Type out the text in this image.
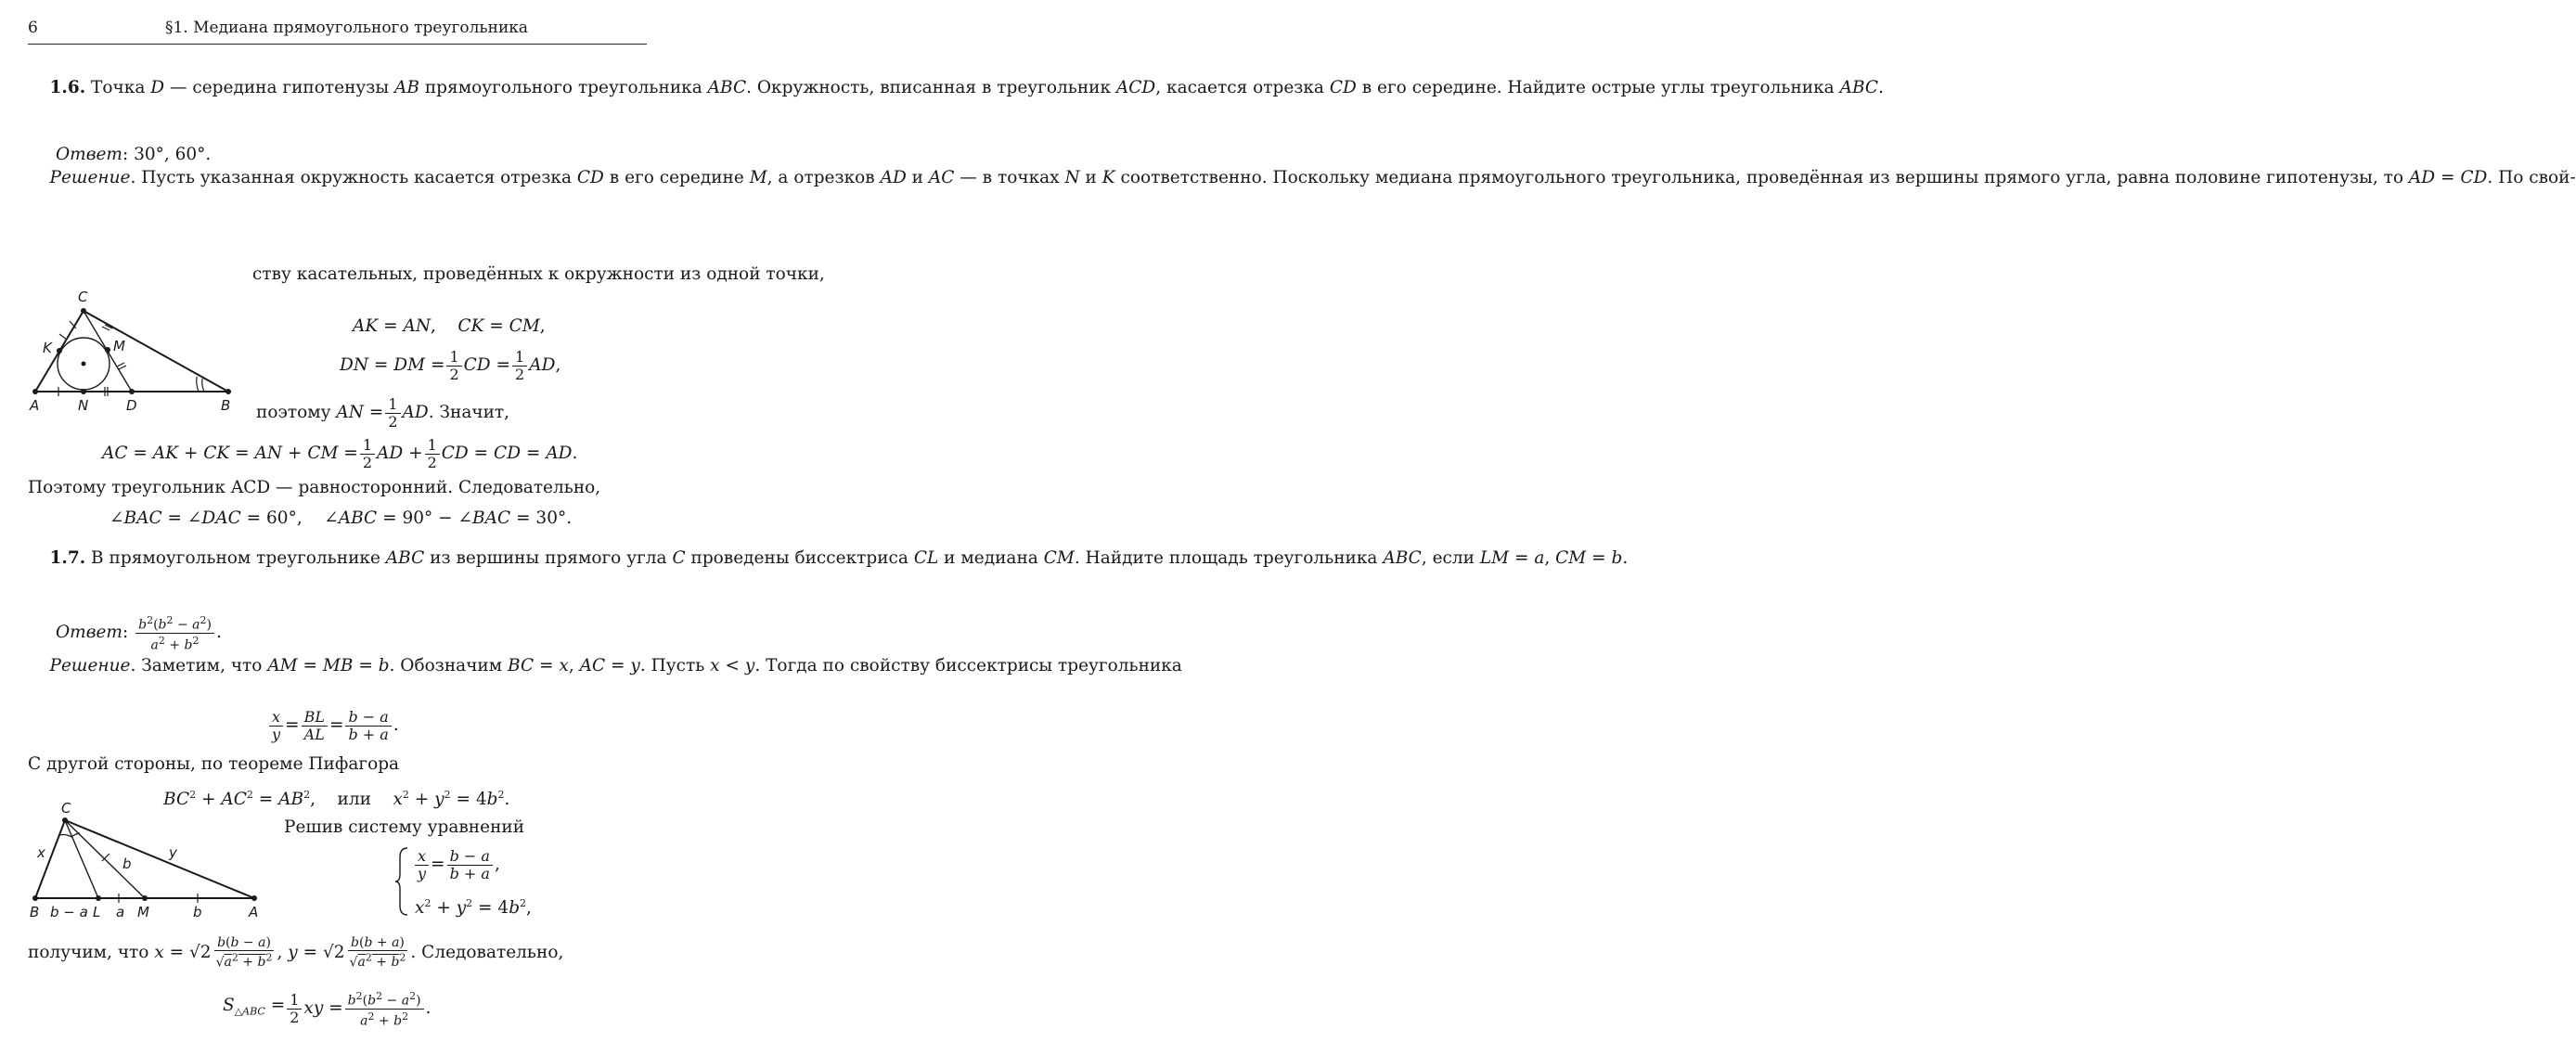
6	§1. Медиана прямоугольного треугольника
1.6. Точка D — середина гипотенузы AB прямоугольного треугольника ABC. Окружность, вписанная в треугольник ACD, касается отрезка CD в его середине. Найдите острые углы треугольника ABC.
Ответ: 30°, 60°.
Решение. Пусть указанная окружность касается отрезка CD в его середине M, а отрезков AD и AC — в точках N и K соответственно. Поскольку медиана прямоугольного треугольника, проведённая из вершины прямого угла, равна половине гипотенузы, то AD = CD. По свой-
ству касательных, проведённых к окружности из одной точки,
C
K	M
A	N	D	B
AK = AN,    CK = CM,
DN = DM = $\frac{1}{2}$ CD = $\frac{1}{2}$ AD,
поэтому AN = $\frac{1}{2}$ AD. Значит,
AC = AK + CK = AN + CM = $\frac{1}{2}$ AD + $\frac{1}{2}$ CD = CD = AD.
Поэтому треугольник ACD — равносторонний. Следовательно,
∠BAC = ∠DAC = 60°,    ∠ABC = 90° − ∠BAC = 30°.
1.7. В прямоугольном треугольнике ABC из вершины прямого угла C проведены биссектриса CL и медиана CM. Найдите площадь треугольника ABC, если LM = a, CM = b.
Ответ : $\frac{b^2(b^2 - a^2)}{a^2 + b^2}$ .
Решение. Заметим, что AM = MB = b. Обозначим BC = x, AC = y. Пусть x < y. Тогда по свойству биссектрисы треугольника
$\frac{x}{y} = \frac{BL}{AL} = \frac{b - a}{b + a}$ .
С другой стороны, по теореме Пифагора
$BC^2 + AC^2 = AB^2$,    или    $x^2 + y^2 = 4b^2$.
C
x	y
b
B b − a L a M	b	A
Решив систему уравнений
$\frac{x}{y} = \frac{b - a}{b + a}$ ,
$x^2 + y^2 = 4b^2$,
получим, что $x = √2 \frac{b(b - a)}{√a^2 + b^2}$ , $y = √2 \frac{b(b + a)}{√a^2 + b^2}$ . Следовательно,
$S_{\triangle ABC} = \frac{1}{2}$ xy = $\frac{b^2(b^2 - a^2)}{a^2 + b^2}$ .
